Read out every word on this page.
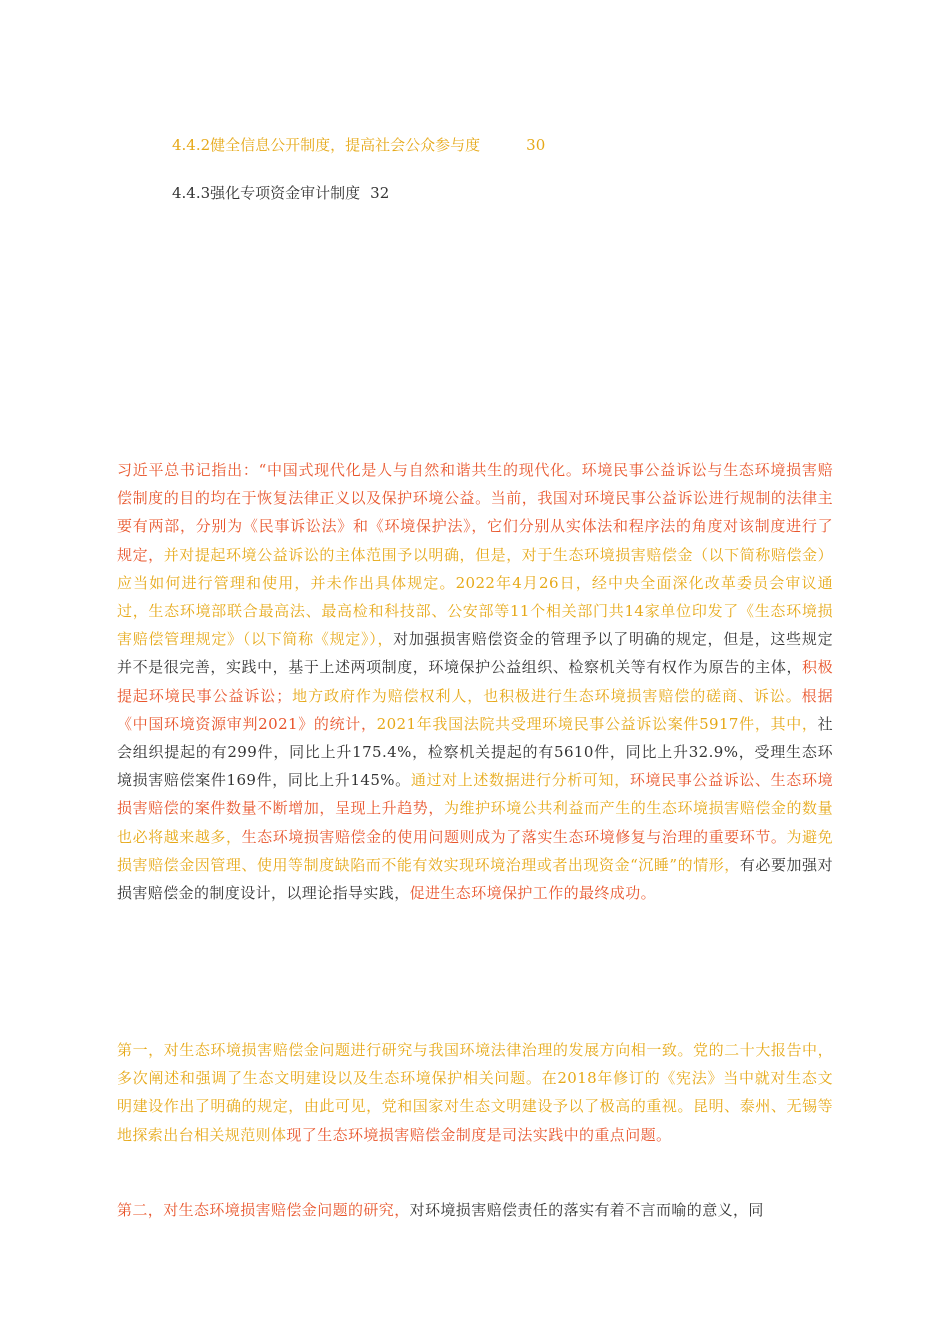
4.4.2健全信息公开制度，提高社会公众参与度	30
4.4.3强化专项资金审计制度 32
习近平总书记指出：“中国式现代化是人与自然和谐共生的现代化。环境民事公益诉讼与生态环境损害赔偿制度的目的均在于恢复法律正义以及保护环境公益。当前，我国对环境民事公益诉讼进行规制的法律主要有两部，分别为《民事诉讼法》和《环境保护法》，它们分别从实体法和程序法的角度对该制度进行了规定，并对提起环境公益诉讼的主体范围予以明确，但是，对于生态环境损害赔偿金（以下简称赔偿金）应当如何进行管理和使用，并未作出具体规定。2022年4月26日，经中央全面深化改革委员会审议通过，生态环境部联合最高法、最高检和科技部、公安部等11个相关部门共14家单位印发了《生态环境损害赔偿管理规定》（以下简称《规定》），对加强损害赔偿资金的管理予以了明确的规定，但是，这些规定并不是很完善，实践中，基于上述两项制度，环境保护公益组织、检察机关等有权作为原告的主体，积极提起环境民事公益诉讼；地方政府作为赔偿权利人，也积极进行生态环境损害赔偿的磋商、诉讼。根据《中国环境资源审判2021》的统计，2021年我国法院共受理环境民事公益诉讼案件5917件，其中，社会组织提起的有299件，同比上升175.4%，检察机关提起的有5610件，同比上升32.9%，受理生态环境损害赔偿案件169件，同比上升145%。通过对上述数据进行分析可知，环境民事公益诉讼、生态环境损害赔偿的案件数量不断增加，呈现上升趋势，为维护环境公共利益而产生的生态环境损害赔偿金的数量也必将越来越多，生态环境损害赔偿金的使用问题则成为了落实生态环境修复与治理的重要环节。为避免损害赔偿金因管理、使用等制度缺陷而不能有效实现环境治理或者出现资金“沉睡”的情形，有必要加强对损害赔偿金的制度设计，以理论指导实践，促进生态环境保护工作的最终成功。
第一，对生态环境损害赔偿金问题进行研究与我国环境法律治理的发展方向相一致。党的二十大报告中，多次阐述和强调了生态文明建设以及生态环境保护相关问题。在2018年修订的《宪法》当中就对生态文明建设作出了明确的规定，由此可见，党和国家对生态文明建设予以了极高的重视。昆明、泰州、无锡等地探索出台相关规范则体现了生态环境损害赔偿金制度是司法实践中的重点问题。
第二，对生态环境损害赔偿金问题的研究，对环境损害赔偿责任的落实有着不言而喻的意义，同
